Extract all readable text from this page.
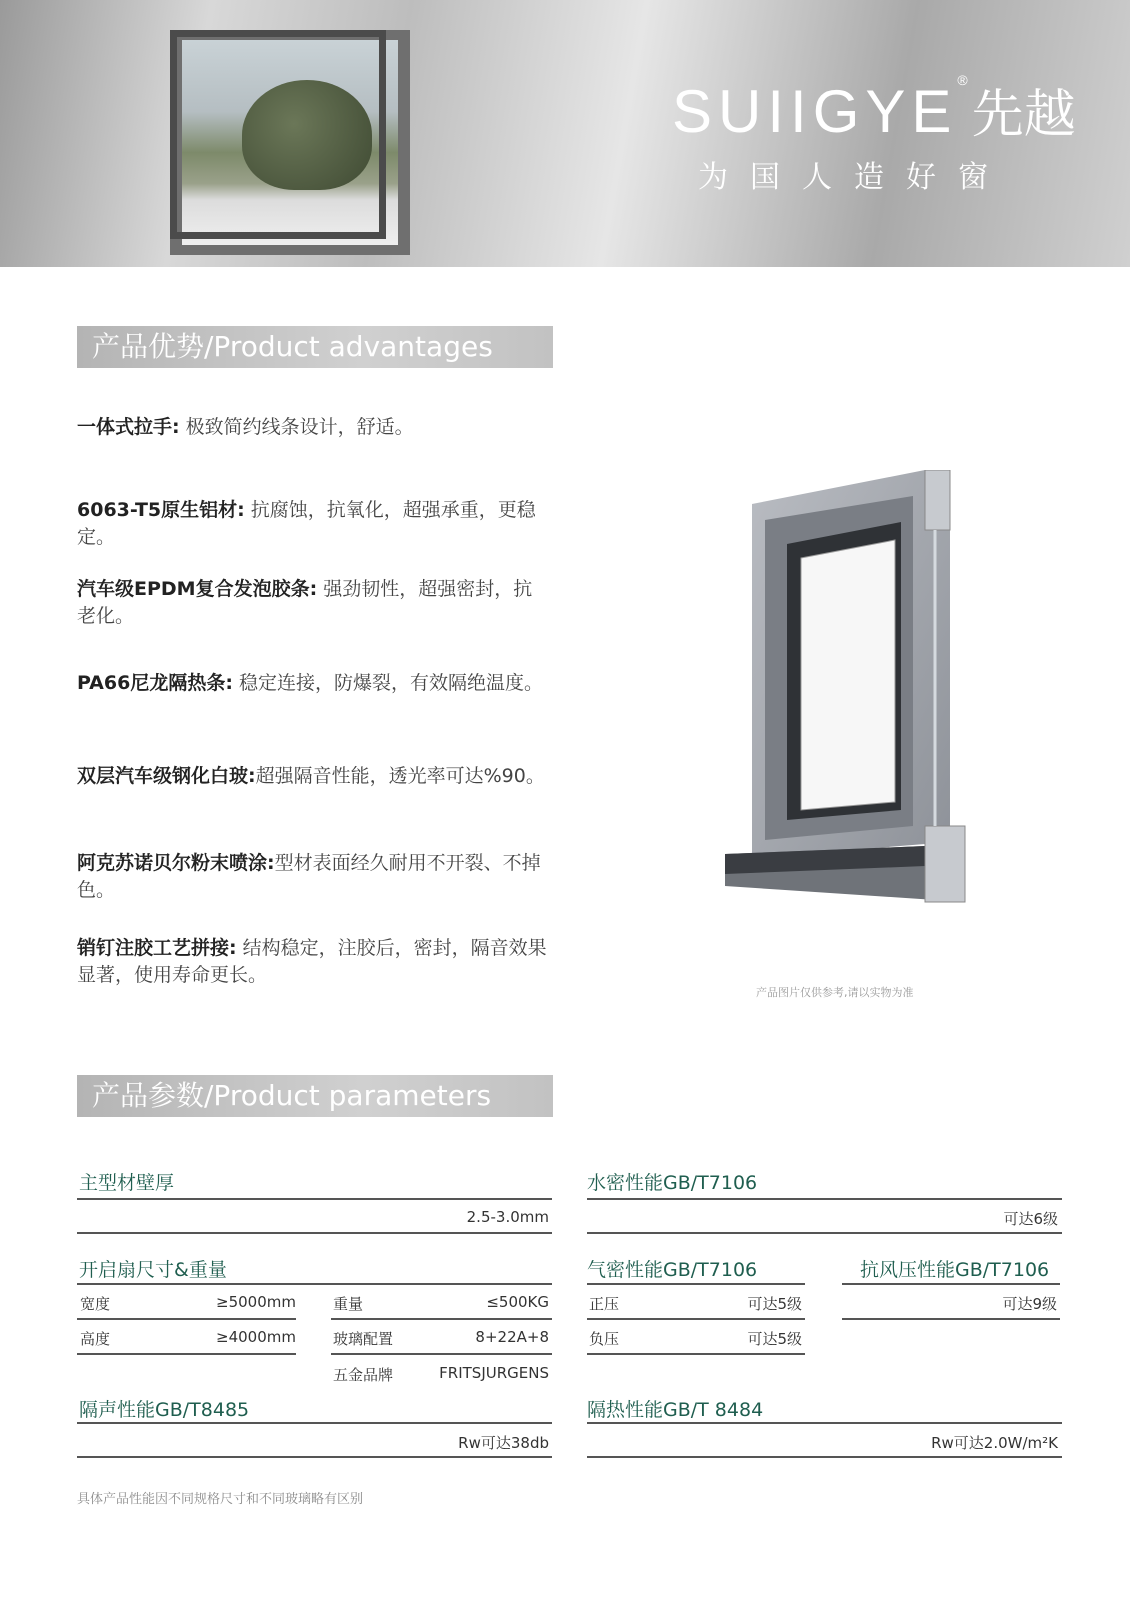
SUIIGYE®先越
为国人造好窗
产品优势/Product advantages
一体式拉手: 极致简约线条设计，舒适。
6063-T5原生铝材: 抗腐蚀，抗氧化，超强承重，更稳定。
汽车级EPDM复合发泡胶条: 强劲韧性，超强密封，抗老化。
PA66尼龙隔热条: 稳定连接，防爆裂，有效隔绝温度。
双层汽车级钢化白玻:超强隔音性能，透光率可达%90。
阿克苏诺贝尔粉末喷涂:型材表面经久耐用不开裂、不掉色。
销钉注胶工艺拼接: 结构稳定，注胶后，密封，隔音效果显著，使用寿命更长。
产品图片仅供参考,请以实物为准
产品参数/Product parameters
主型材壁厚
2.5-3.0mm
水密性能GB/T7106
可达6级
开启扇尺寸&重量
宽度	≥5000mm
高度	≥4000mm
重量	≤500KG
玻璃配置	8+22A+8
五金品牌	FRITSJURGENS
气密性能GB/T7106
正压	可达5级
负压	可达5级
抗风压性能GB/T7106
可达9级
隔声性能GB/T8485
Rw可达38db
隔热性能GB/T 8484
Rw可达2.0W/m²K
具体产品性能因不同规格尺寸和不同玻璃略有区别
